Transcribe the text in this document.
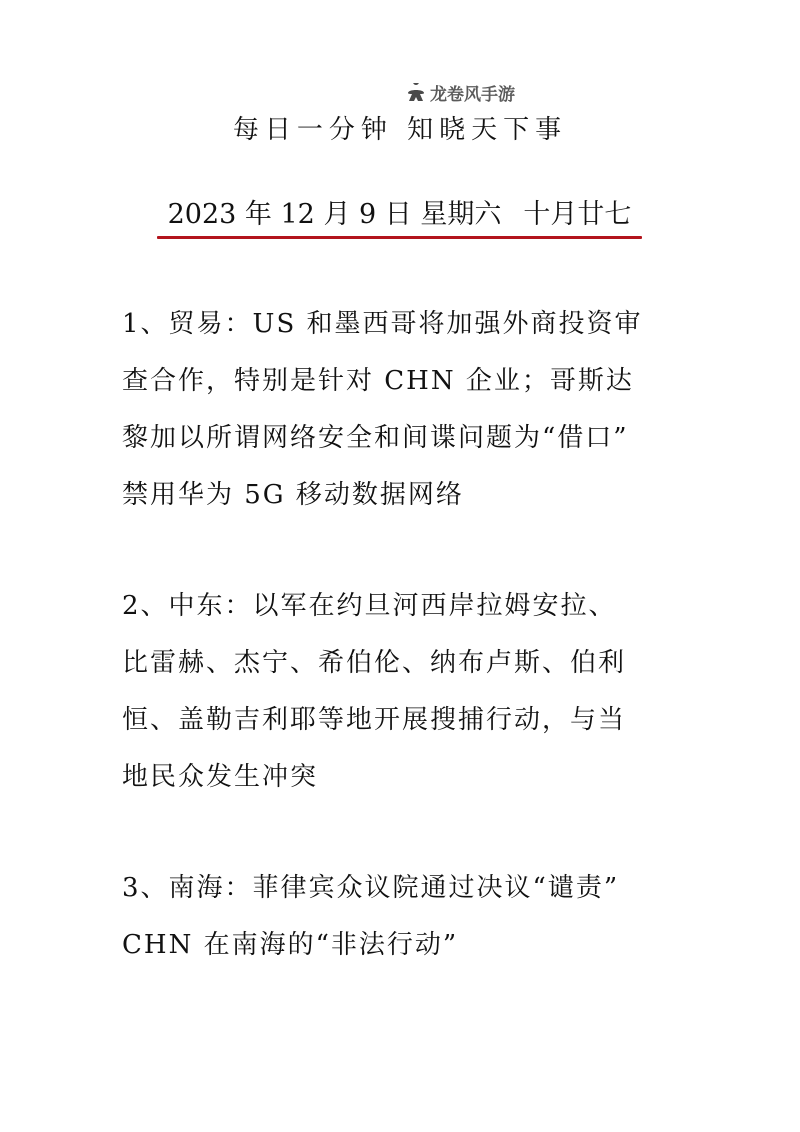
龙卷风手游
每日一分钟 知晓天下事
2023 年 12 月 9 日 星期六 十月廿七
1、贸易：US 和墨西哥将加强外商投资审
查合作，特别是针对 CHN 企业；哥斯达
黎加以所谓网络安全和间谍问题为“借口”
禁用华为 5G 移动数据网络
2、中东：以军在约旦河西岸拉姆安拉、
比雷赫、杰宁、希伯伦、纳布卢斯、伯利
恒、盖勒吉利耶等地开展搜捕行动，与当
地民众发生冲突
3、南海：菲律宾众议院通过决议“谴责”
CHN 在南海的“非法行动”
